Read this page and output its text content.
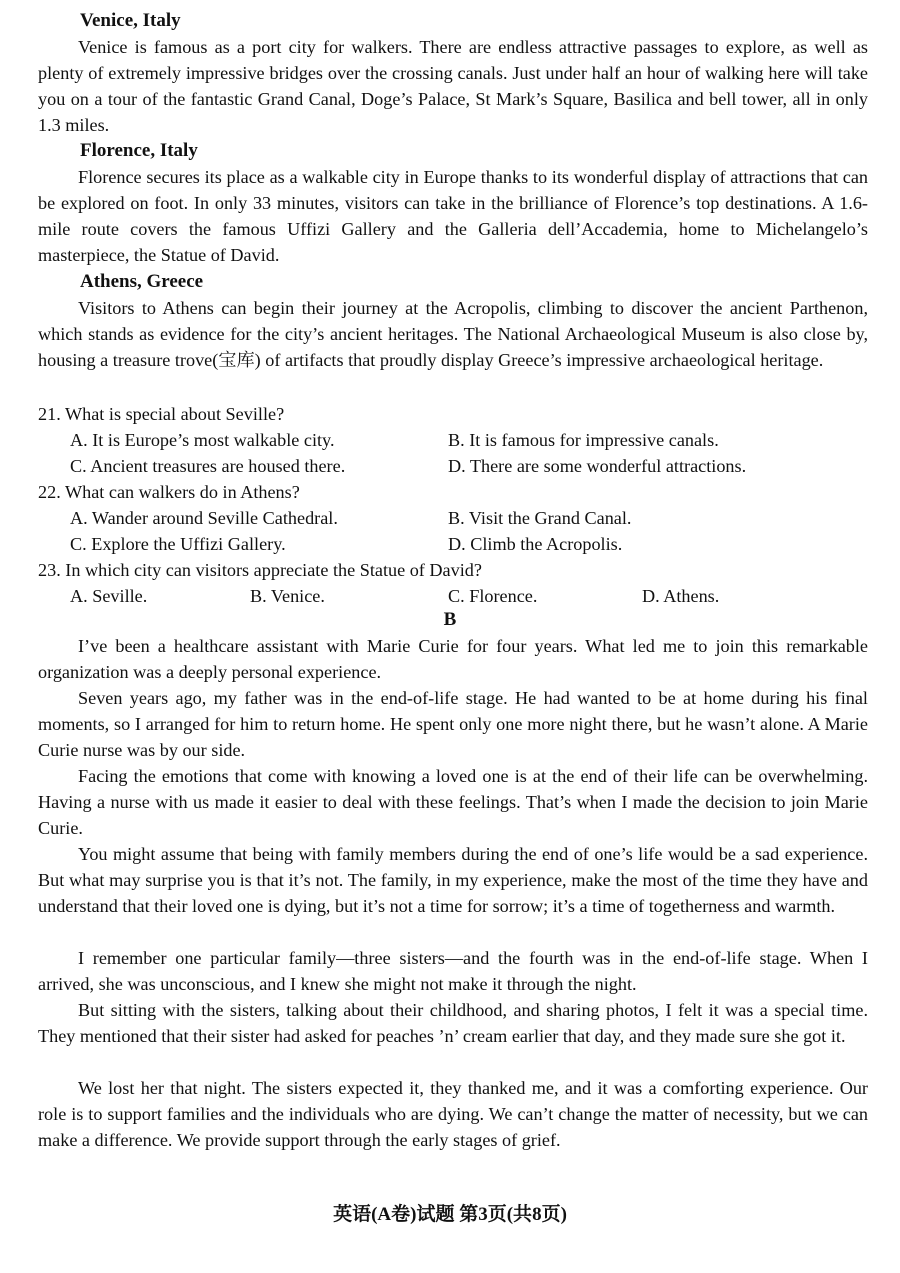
Venice, Italy
Venice is famous as a port city for walkers. There are endless attractive passages to explore, as well as plenty of extremely impressive bridges over the crossing canals. Just under half an hour of walking here will take you on a tour of the fantastic Grand Canal, Doge’s Palace, St Mark’s Square, Basilica and bell tower, all in only 1.3 miles.
Florence, Italy
Florence secures its place as a walkable city in Europe thanks to its wonderful display of attractions that can be explored on foot. In only 33 minutes, visitors can take in the brilliance of Florence’s top destinations. A 1.6-mile route covers the famous Uffizi Gallery and the Galleria dell’Accademia, home to Michelangelo’s masterpiece, the Statue of David.
Athens, Greece
Visitors to Athens can begin their journey at the Acropolis, climbing to discover the ancient Parthenon, which stands as evidence for the city’s ancient heritages. The National Archaeological Museum is also close by, housing a treasure trove(宝库) of artifacts that proudly display Greece’s impressive archaeological heritage.
21. What is special about Seville?
A. It is Europe’s most walkable city.	B. It is famous for impressive canals.
C. Ancient treasures are housed there.	D. There are some wonderful attractions.
22. What can walkers do in Athens?
A. Wander around Seville Cathedral.	B. Visit the Grand Canal.
C. Explore the Uffizi Gallery.	D. Climb the Acropolis.
23. In which city can visitors appreciate the Statue of David?
A. Seville.	B. Venice.	C. Florence.	D. Athens.
B
I’ve been a healthcare assistant with Marie Curie for four years. What led me to join this remarkable organization was a deeply personal experience.
Seven years ago, my father was in the end-of-life stage. He had wanted to be at home during his final moments, so I arranged for him to return home. He spent only one more night there, but he wasn’t alone. A Marie Curie nurse was by our side.
Facing the emotions that come with knowing a loved one is at the end of their life can be overwhelming. Having a nurse with us made it easier to deal with these feelings. That’s when I made the decision to join Marie Curie.
You might assume that being with family members during the end of one’s life would be a sad experience. But what may surprise you is that it’s not. The family, in my experience, make the most of the time they have and understand that their loved one is dying, but it’s not a time for sorrow; it’s a time of togetherness and warmth.
I remember one particular family—three sisters—and the fourth was in the end-of-life stage. When I arrived, she was unconscious, and I knew she might not make it through the night.
But sitting with the sisters, talking about their childhood, and sharing photos, I felt it was a special time. They mentioned that their sister had asked for peaches ’n’ cream earlier that day, and they made sure she got it.
We lost her that night. The sisters expected it, they thanked me, and it was a comforting experience. Our role is to support families and the individuals who are dying. We can’t change the matter of necessity, but we can make a difference. We provide support through the early stages of grief.
英语(A卷)试题 第3页(共8页)
